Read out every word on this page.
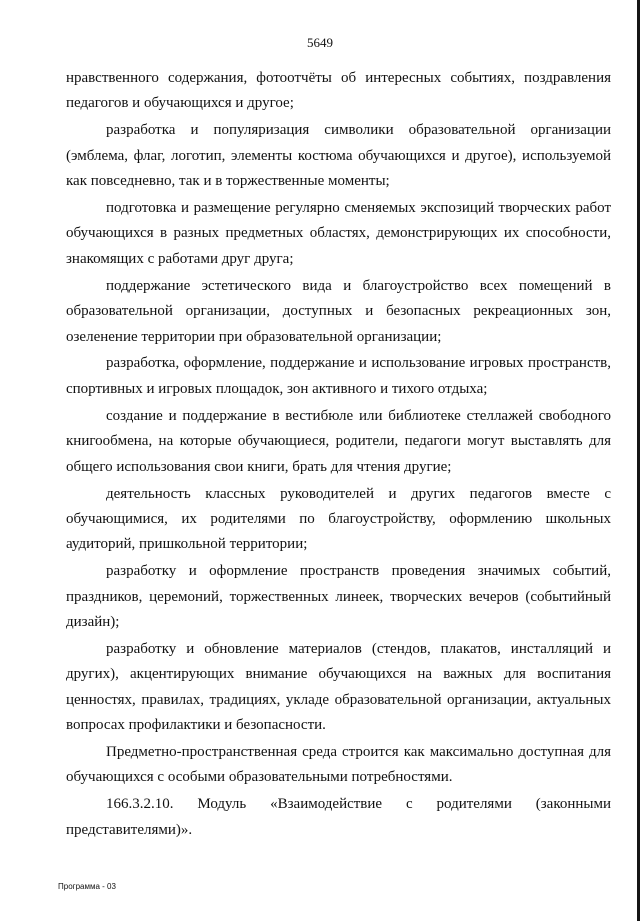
5649

нравственного содержания, фотоотчёты об интересных событиях, поздравления педагогов и обучающихся и другое;

разработка и популяризация символики образовательной организации (эмблема, флаг, логотип, элементы костюма обучающихся и другое), используемой как повседневно, так и в торжественные моменты;

подготовка и размещение регулярно сменяемых экспозиций творческих работ обучающихся в разных предметных областях, демонстрирующих их способности, знакомящих с работами друг друга;

поддержание эстетического вида и благоустройство всех помещений в образовательной организации, доступных и безопасных рекреационных зон, озеленение территории при образовательной организации;

разработка, оформление, поддержание и использование игровых пространств, спортивных и игровых площадок, зон активного и тихого отдыха;

создание и поддержание в вестибюле или библиотеке стеллажей свободного книгообмена, на которые обучающиеся, родители, педагоги могут выставлять для общего использования свои книги, брать для чтения другие;

деятельность классных руководителей и других педагогов вместе с обучающимися, их родителями по благоустройству, оформлению школьных аудиторий, пришкольной территории;

разработку и оформление пространств проведения значимых событий, праздников, церемоний, торжественных линеек, творческих вечеров (событийный дизайн);

разработку и обновление материалов (стендов, плакатов, инсталляций и других), акцентирующих внимание обучающихся на важных для воспитания ценностях, правилах, традициях, укладе образовательной организации, актуальных вопросах профилактики и безопасности.

Предметно-пространственная среда строится как максимально доступная для обучающихся с особыми образовательными потребностями.

166.3.2.10. Модуль «Взаимодействие с родителями (законными представителями)».

Программа - 03
